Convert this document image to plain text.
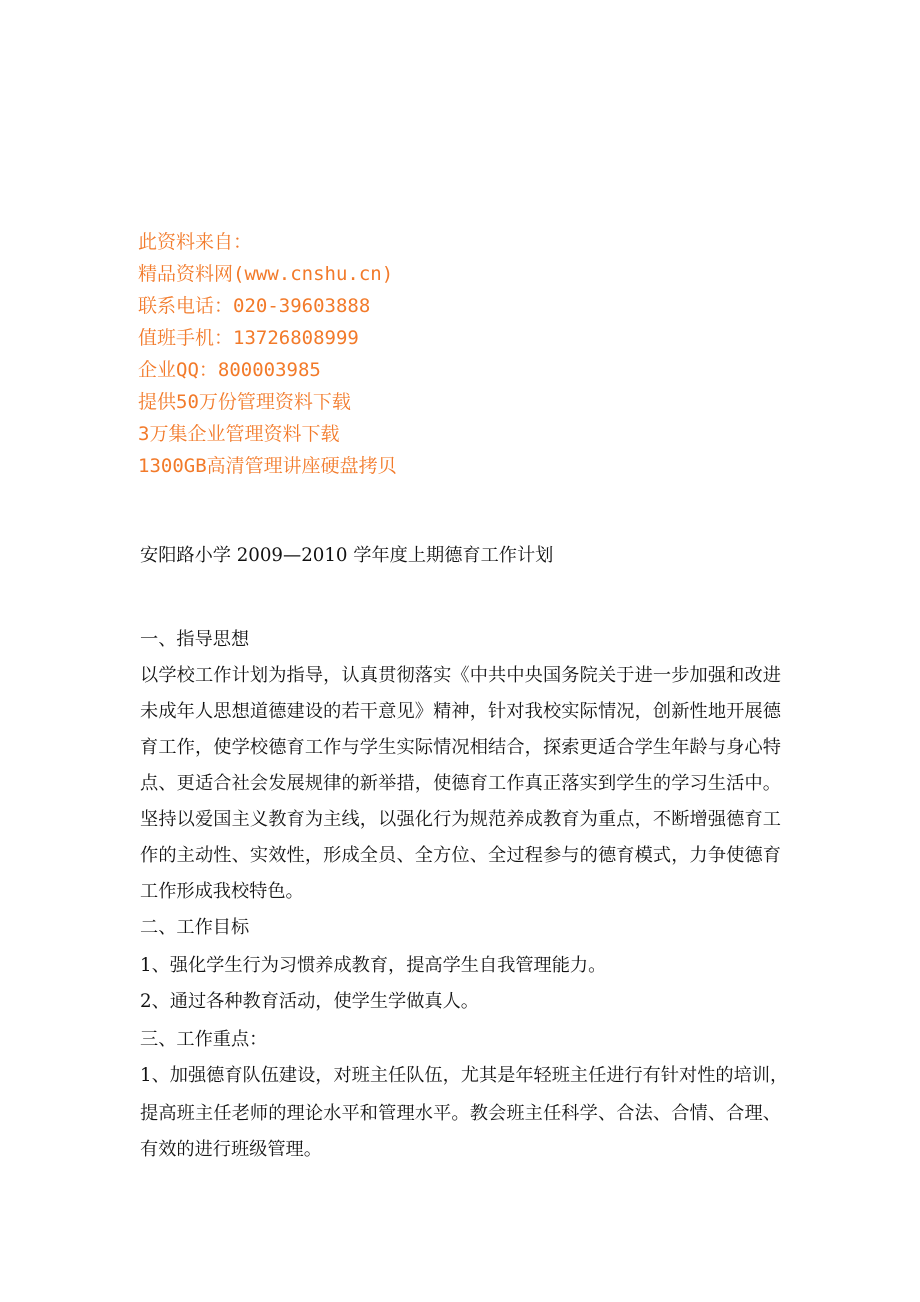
此资料来自：
精品资料网(www.cnshu.cn)
联系电话：020-39603888
值班手机：13726808999
企业QQ：800003985
提供50万份管理资料下载
3万集企业管理资料下载
1300GB高清管理讲座硬盘拷贝
安阳路小学 2009—2010 学年度上期德育工作计划
一、指导思想
以学校工作计划为指导，认真贯彻落实《中共中央国务院关于进一步加强和改进
未成年人思想道德建设的若干意见》精神，针对我校实际情况，创新性地开展德
育工作，使学校德育工作与学生实际情况相结合，探索更适合学生年龄与身心特
点、更适合社会发展规律的新举措，使德育工作真正落实到学生的学习生活中。
坚持以爱国主义教育为主线，以强化行为规范养成教育为重点，不断增强德育工
作的主动性、实效性，形成全员、全方位、全过程参与的德育模式，力争使德育
工作形成我校特色。
二、工作目标
1、强化学生行为习惯养成教育，提高学生自我管理能力。
2、通过各种教育活动，使学生学做真人。
三、工作重点：
1、加强德育队伍建设，对班主任队伍，尤其是年轻班主任进行有针对性的培训，
提高班主任老师的理论水平和管理水平。教会班主任科学、合法、合情、合理、
有效的进行班级管理。
